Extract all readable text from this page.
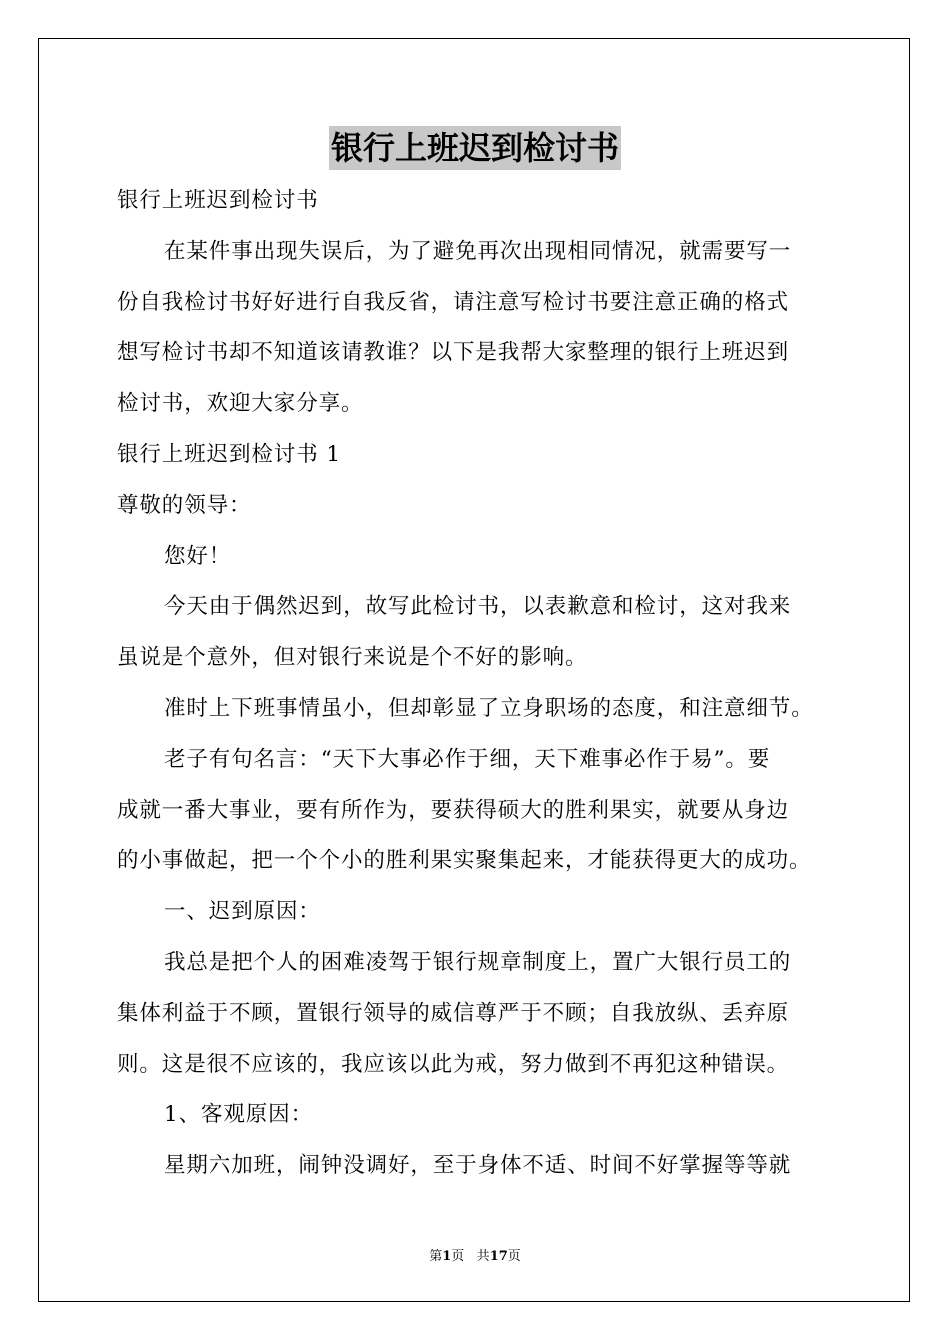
银行上班迟到检讨书
银行上班迟到检讨书
在某件事出现失误后，为了避免再次出现相同情况，就需要写一
份自我检讨书好好进行自我反省，请注意写检讨书要注意正确的格式
想写检讨书却不知道该请教谁？以下是我帮大家整理的银行上班迟到
检讨书，欢迎大家分享。
银行上班迟到检讨书 1
尊敬的领导：
您好！
今天由于偶然迟到，故写此检讨书，以表歉意和检讨，这对我来
虽说是个意外，但对银行来说是个不好的影响。
准时上下班事情虽小，但却彰显了立身职场的态度，和注意细节。
老子有句名言：“天下大事必作于细，天下难事必作于易”。要
成就一番大事业，要有所作为，要获得硕大的胜利果实，就要从身边
的小事做起，把一个个小的胜利果实聚集起来，才能获得更大的成功。
一、迟到原因：
我总是把个人的困难凌驾于银行规章制度上，置广大银行员工的
集体利益于不顾，置银行领导的威信尊严于不顾；自我放纵、丢弃原
则。这是很不应该的，我应该以此为戒，努力做到不再犯这种错误。
1、客观原因：
星期六加班，闹钟没调好，至于身体不适、时间不好掌握等等就
第1页 共17页
